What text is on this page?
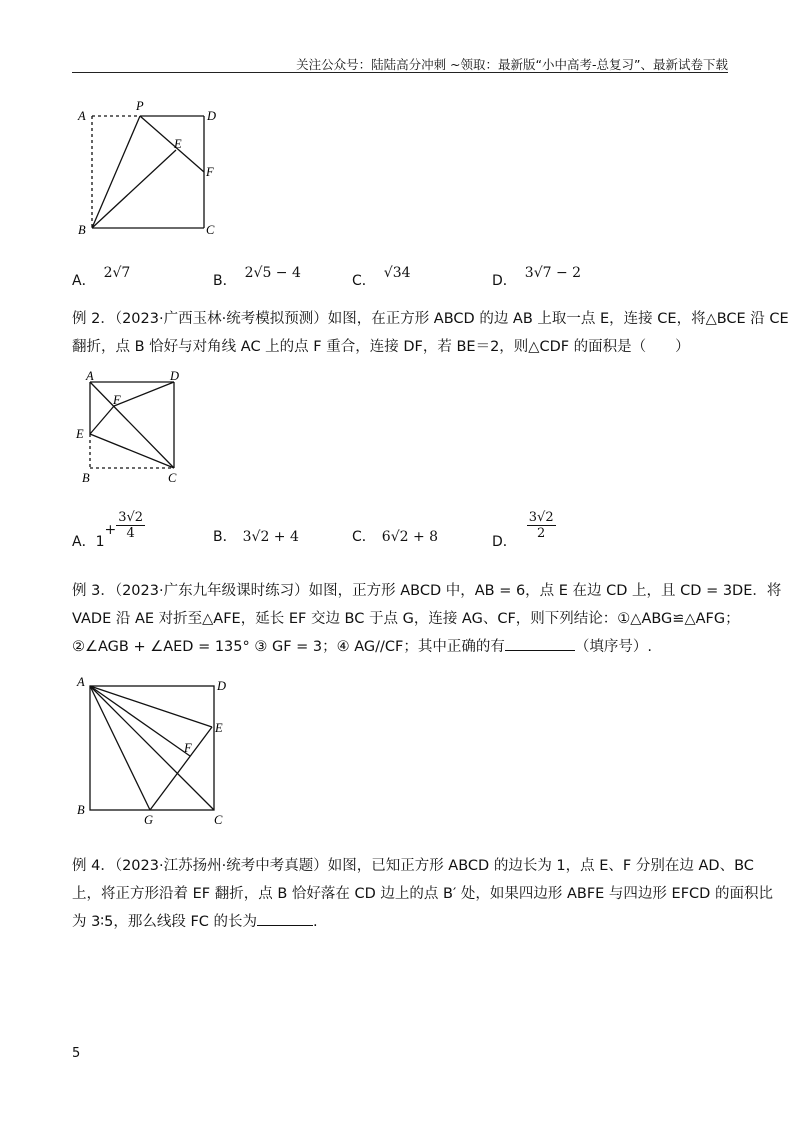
关注公众号：陆陆高分冲刺 ~领取：最新版“小中高考-总复习”、最新试卷下载
A
P
D
E
F
B	C
A． 2√7	B． 2√5 − 4	C． √34	D． 3√7 − 2
例 2．（2023·广西玉林·统考模拟预测）如图，在正方形 ABCD 的边 AB 上取一点 E，连接 CE，将△BCE 沿 CE
翻折，点 B 恰好与对角线 AC 上的点 F 重合，连接 DF，若 BE＝2，则△CDF 的面积是（　　）
A	D
F
E
B	C
A．$1+ \frac{3√2}{4}$	B． 3√2 + 4	C． 6√2 + 8	D．
$\frac{3√2}{2}$
例 3．（2023·广东九年级课时练习）如图，正方形 ABCD 中，AB = 6，点 E 在边 CD 上，且 CD = 3DE．将
VADE 沿 AE 对折至△AFE，延长 EF 交边 BC 于点 G，连接 AG、CF，则下列结论：①△ABG≌△AFG；
②∠AGB + ∠AED = 135° ③ GF = 3；④ AG//CF；其中正确的有	（填序号）.
A	D
E
F
B
G	C
例 4．（2023·江苏扬州·统考中考真题）如图，已知正方形 ABCD 的边长为 1，点 E、F 分别在边 AD、BC
上，将正方形沿着 EF 翻折，点 B 恰好落在 CD 边上的点 B′ 处，如果四边形 ABFE 与四边形 EFCD 的面积比
为 3∶5，那么线段 FC 的长为	.
5
